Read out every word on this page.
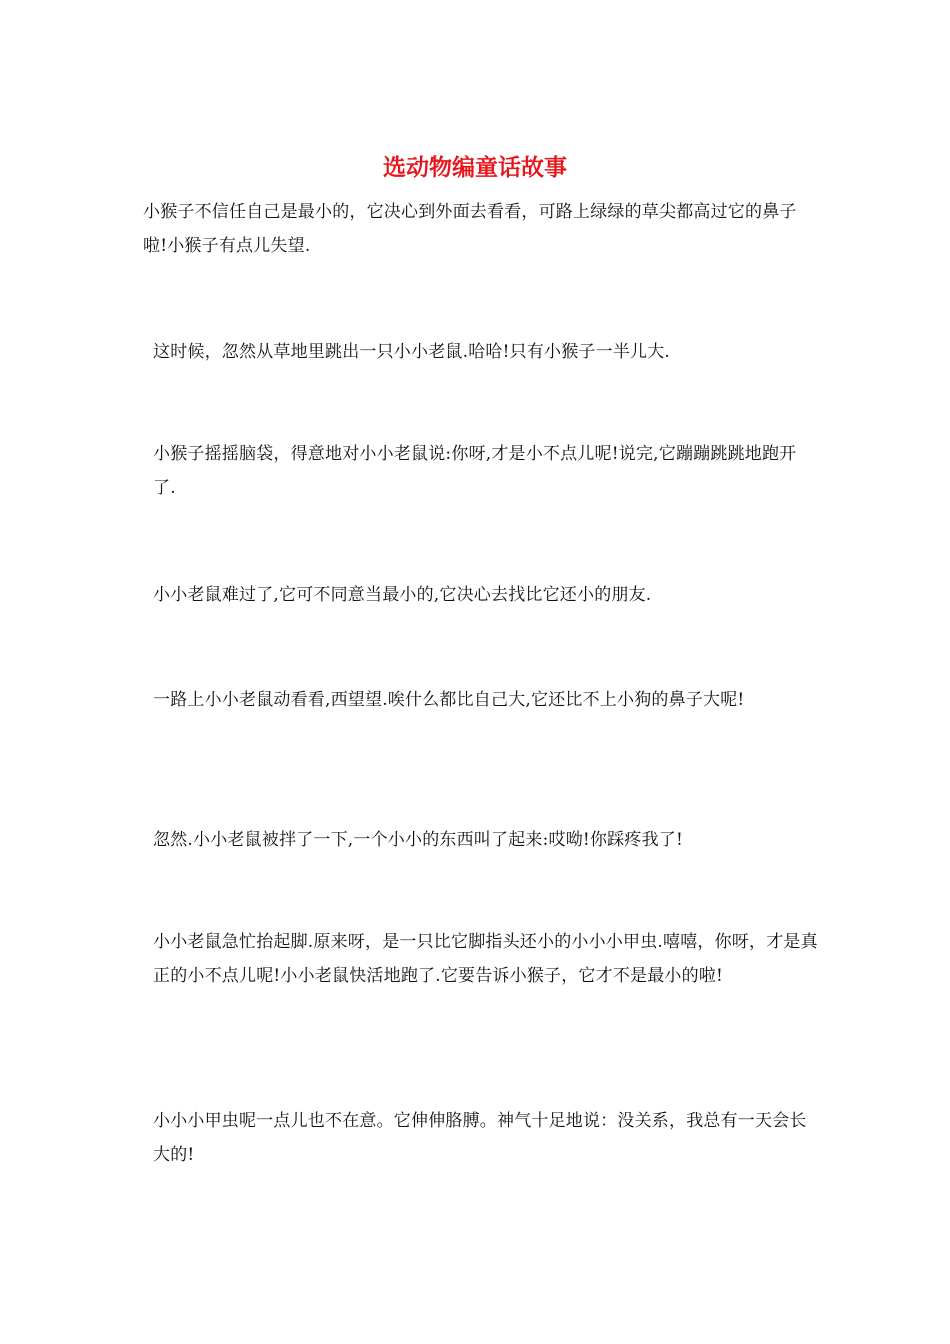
选动物编童话故事

小猴子不信任自己是最小的，它决心到外面去看看，可路上绿绿的草尖都高过它的鼻子啦!小猴子有点儿失望.

这时候，忽然从草地里跳出一只小小老鼠.哈哈!只有小猴子一半儿大.

小猴子摇摇脑袋，得意地对小小老鼠说:你呀,才是小不点儿呢!说完,它蹦蹦跳跳地跑开了.

小小老鼠难过了,它可不同意当最小的,它决心去找比它还小的朋友.

一路上小小老鼠动看看,西望望.唉什么都比自己大,它还比不上小狗的鼻子大呢!

忽然.小小老鼠被拌了一下,一个小小的东西叫了起来:哎呦!你踩疼我了!

小小老鼠急忙抬起脚.原来呀，是一只比它脚指头还小的小小小甲虫.嘻嘻，你呀，才是真正的小不点儿呢!小小老鼠快活地跑了.它要告诉小猴子，它才不是最小的啦!

小小小甲虫呢一点儿也不在意。它伸伸胳膊。神气十足地说：没关系，我总有一天会长大的!
